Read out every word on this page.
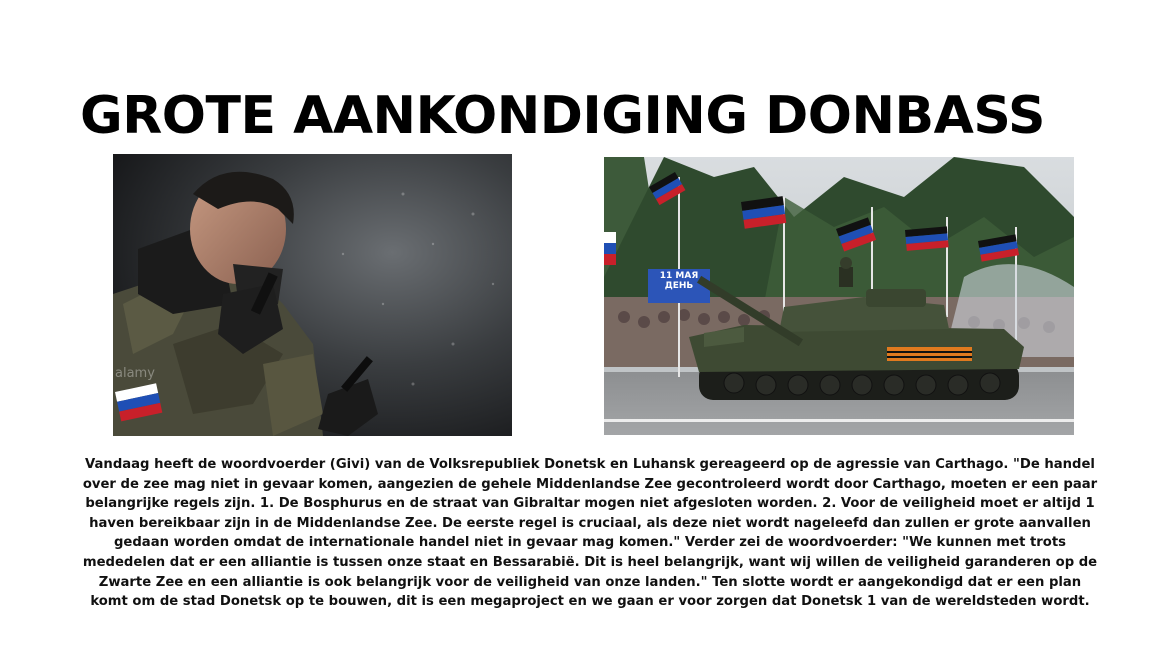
GROTE AANKONDIGING DONBASS
alamy
11 МАЯ
ДЕНЬ
Vandaag heeft de woordvoerder (Givi) van de Volksrepubliek Donetsk en Luhansk gereageerd op de agressie van Carthago. "De handel over de zee mag niet in gevaar komen, aangezien de gehele Middenlandse Zee gecontroleerd wordt door Carthago, moeten er een paar belangrijke regels zijn. 1. De Bosphurus en de straat van Gibraltar mogen niet afgesloten worden. 2. Voor de veiligheid moet er altijd 1 haven bereikbaar zijn in de Middenlandse Zee. De eerste regel is cruciaal, als deze niet wordt nageleefd dan zullen er grote aanvallen gedaan worden omdat de internationale handel niet in gevaar mag komen." Verder zei de woordvoerder: "We kunnen met trots mededelen dat er een alliantie is tussen onze staat en Bessarabië. Dit is heel belangrijk, want wij willen de veiligheid garanderen op de Zwarte Zee en een alliantie is ook belangrijk voor de veiligheid van onze landen." Ten slotte wordt er aangekondigd dat er een plan komt om de stad Donetsk op te bouwen, dit is een megaproject en we gaan er voor zorgen dat Donetsk 1 van de wereldsteden wordt.
